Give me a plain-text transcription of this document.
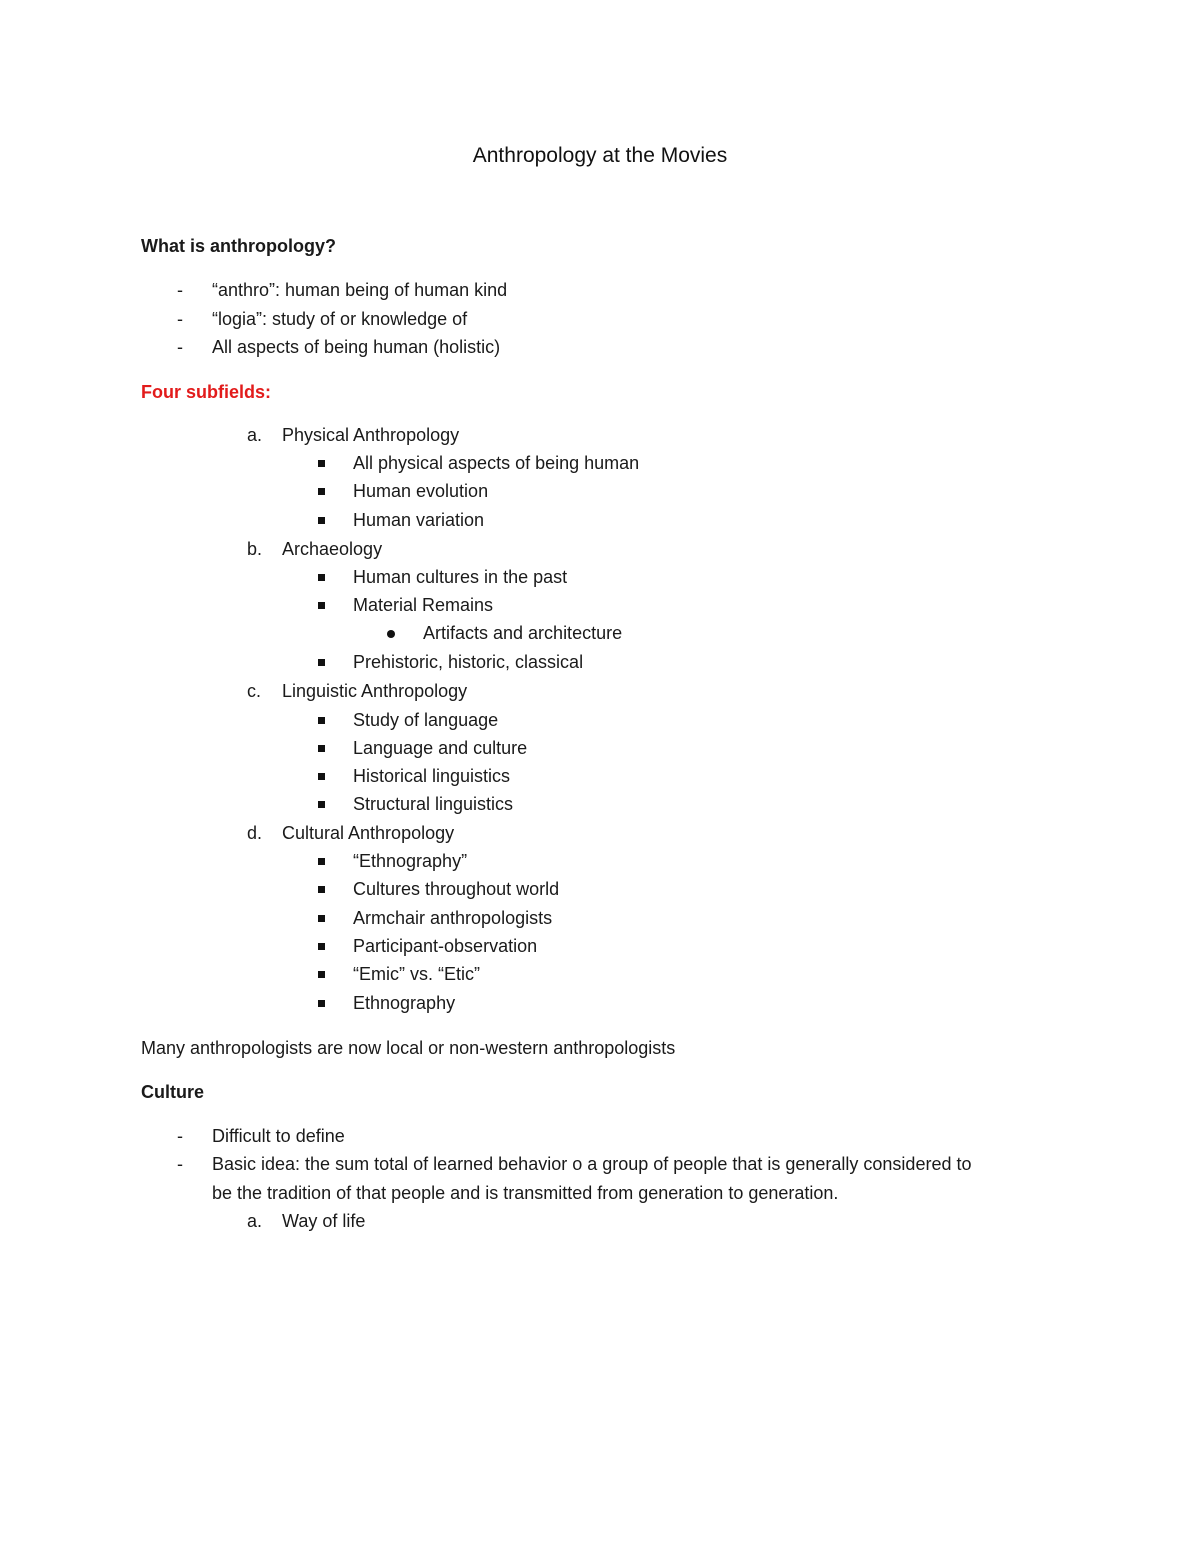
Anthropology at the Movies
What is anthropology?
- “anthro”: human being of human kind
- “logia”: study of or knowledge of
- All aspects of being human (holistic)
Four subfields:
a. Physical Anthropology
All physical aspects of being human
Human evolution
Human variation
b. Archaeology
Human cultures in the past
Material Remains
Artifacts and architecture
Prehistoric, historic, classical
c. Linguistic Anthropology
Study of language
Language and culture
Historical linguistics
Structural linguistics
d. Cultural Anthropology
“Ethnography”
Cultures throughout world
Armchair anthropologists
Participant-observation
“Emic” vs. “Etic”
Ethnography
Many anthropologists are now local or non-western anthropologists
Culture
- Difficult to define
- Basic idea: the sum total of learned behavior o a group of people that is generally considered to
be the tradition of that people and is transmitted from generation to generation.
a. Way of life
